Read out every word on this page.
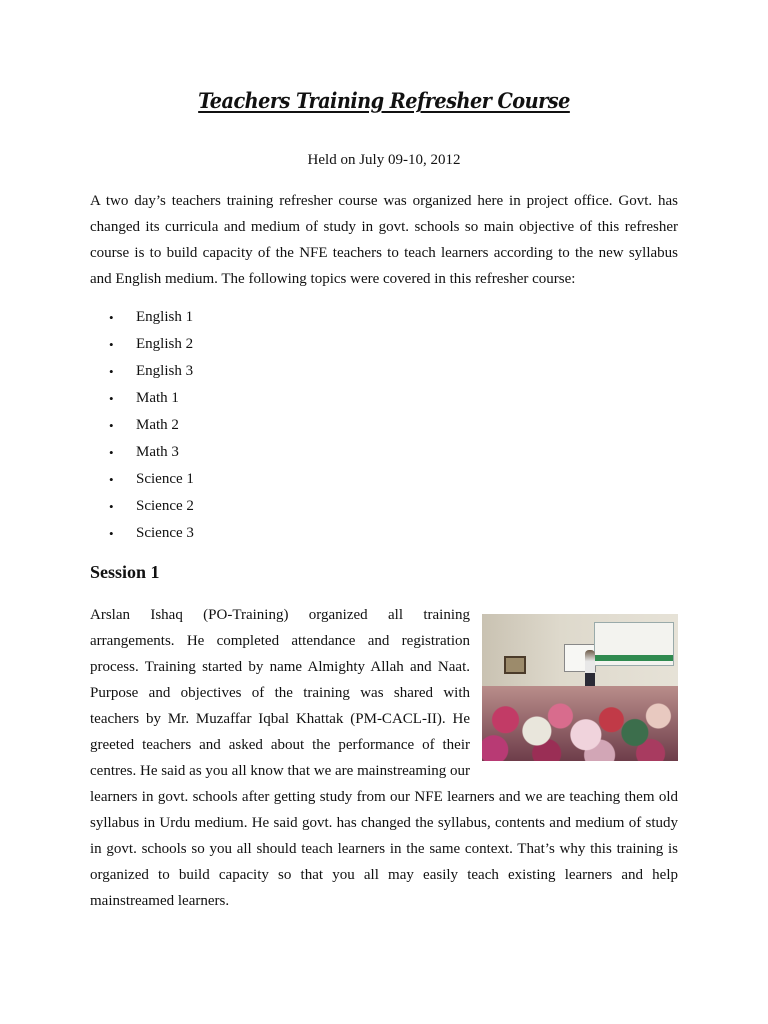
Teachers Training Refresher Course
Held on July 09-10, 2012

A two day’s teachers training refresher course was organized here in project office. Govt. has changed its curricula and medium of study in govt. schools so main objective of this refresher course is to build capacity of the NFE teachers to teach learners according to the new syllabus and English medium. The following topics were covered in this refresher course:

• English 1
• English 2
• English 3
• Math 1
• Math 2
• Math 3
• Science 1
• Science 2
• Science 3
Session 1
Arslan Ishaq (PO-Training) organized all training arrangements. He completed attendance and registration process. Training started by name Almighty Allah and Naat. Purpose and objectives of the training was shared with teachers by Mr. Muzaffar Iqbal Khattak (PM-CACL-II). He greeted teachers and asked about the performance of their centres. He said as you all know that we are mainstreaming our learners in govt. schools after getting study from our NFE learners and we are teaching them old syllabus in Urdu medium. He said govt. has changed the syllabus, contents and medium of study in govt. schools so you all should teach learners in the same context. That’s why this training is organized to build capacity so that you all may easily teach existing learners and help mainstreamed learners.
